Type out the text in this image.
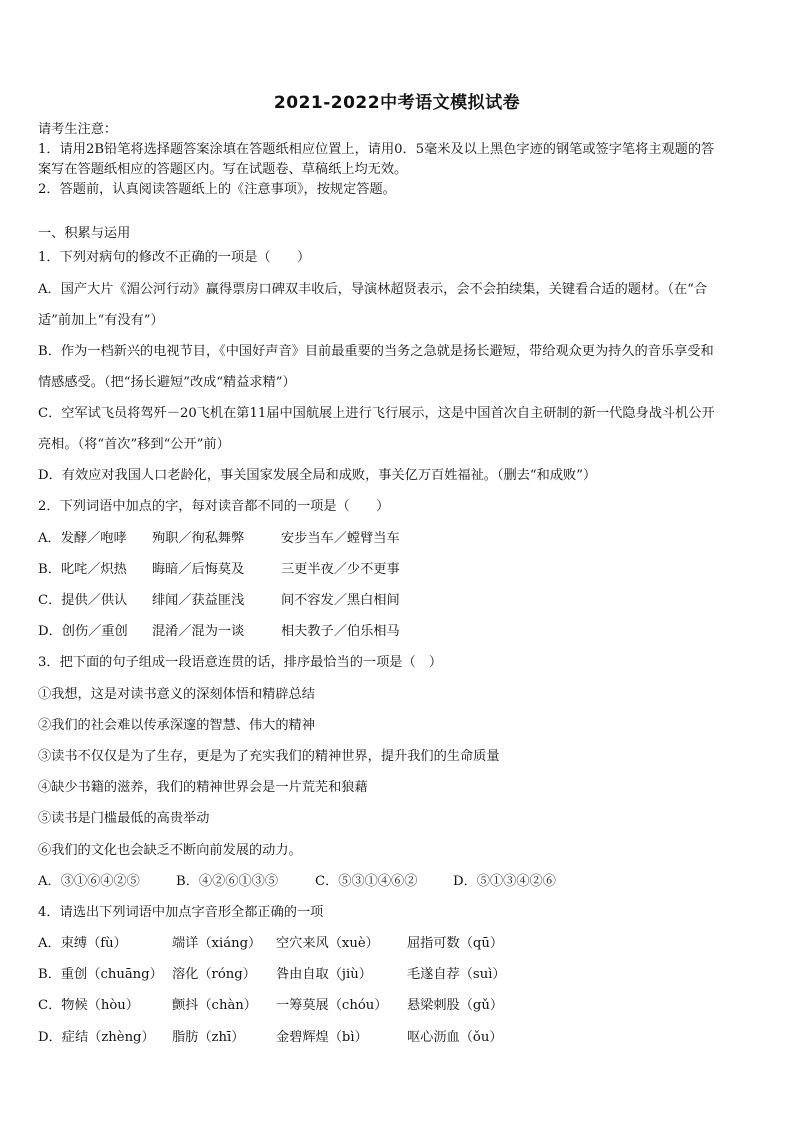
2021-2022中考语文模拟试卷
请考生注意：
1．请用2B铅笔将选择题答案涂填在答题纸相应位置上，请用0．5毫米及以上黑色字迹的钢笔或签字笔将主观题的答
案写在答题纸相应的答题区内。写在试题卷、草稿纸上均无效。
2．答题前，认真阅读答题纸上的《注意事项》，按规定答题。
一、积累与运用
1．下列对病句的修改不正确的一项是（　　）
A．国产大片《湄公河行动》赢得票房口碑双丰收后，导演林超贤表示，会不会拍续集，关键看合适的题材。（在“合
适”前加上“有没有”）
B．作为一档新兴的电视节目，《中国好声音》目前最重要的当务之急就是扬长避短，带给观众更为持久的音乐享受和
情感感受。（把“扬长避短”改成“精益求精”）
C．空军试飞员将驾歼－20飞机在第11届中国航展上进行飞行展示，这是中国首次自主研制的新一代隐身战斗机公开
亮相。（将“首次”移到“公开”前）
D．有效应对我国人口老龄化，事关国家发展全局和成败，事关亿万百姓福祉。（删去“和成败”）
2．下列词语中加点的字，每对读音都不同的一项是（　　）
A．发酵／咆哮 殉职／徇私舞弊	安步当车／螳臂当车
B．叱咤／炽热 晦暗／后悔莫及	三更半夜／少不更事
C．提供／供认 绯闻／获益匪浅	间不容发／黑白相间
D．创伤／重创 混淆／混为一谈	相夫教子／伯乐相马
3．把下面的句子组成一段语意连贯的话，排序最恰当的一项是（　）
①我想，这是对读书意义的深刻体悟和精辟总结
②我们的社会难以传承深邃的智慧、伟大的精神
③读书不仅仅是为了生存，更是为了充实我们的精神世界，提升我们的生命质量
④缺少书籍的滋养，我们的精神世界会是一片荒芜和狼藉
⑤读书是门槛最低的高贵举动
⑥我们的文化也会缺乏不断向前发展的动力。
A．③①⑥④②⑤	B．④②⑥①③⑤	C．⑤③①④⑥②	D．⑤①③④②⑥
4．请选出下列词语中加点字音形全都正确的一项
A．束缚（fù）	端详（xiáng） 空穴来风（xuè） 屈指可数（qū）
B．重创（chuāng） 溶化（róng） 咎由自取（jiù）	毛遂自荐（suì）
C．物候（hòu）	颤抖（chàn） 一筹莫展（chóu） 悬梁刺股（gǔ）
D．症结（zhèng） 脂肪（zhī） 金碧辉煌（bì）	呕心沥血（ǒu）
